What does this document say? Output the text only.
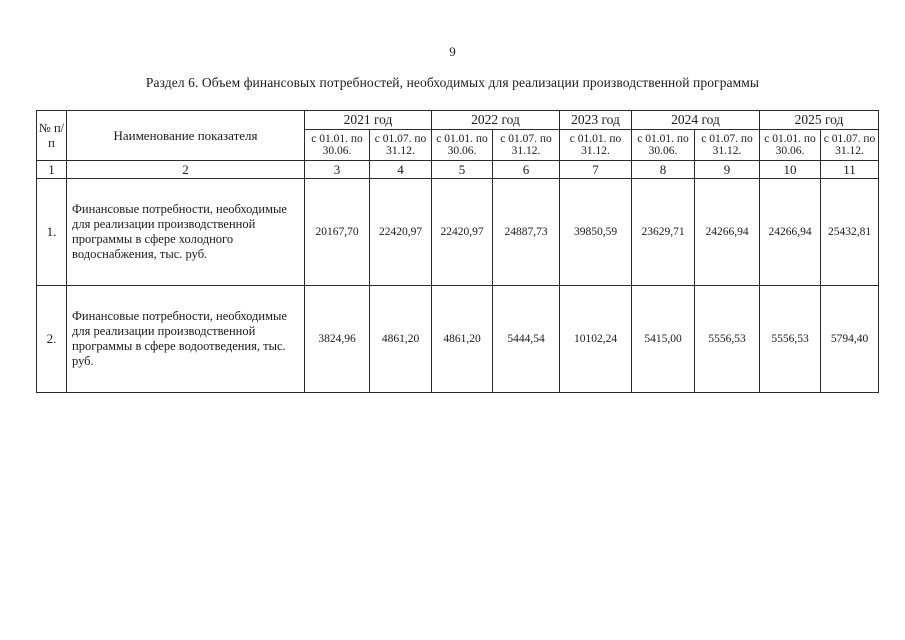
9
Раздел 6. Объем финансовых потребностей, необходимых для реализации производственной программы
№ п/п	Наименование показателя	2021 год		2022 год		2023 год	2024 год		2025 год	
		с 01.01. по 30.06.	с 01.07. по 31.12.	с 01.01. по 30.06.	с 01.07. по 31.12.	с 01.01. по 31.12.	с 01.01. по 30.06.	с 01.07. по 31.12.	с 01.01. по 30.06.	с 01.07. по 31.12.
1	2	3	4	5	6	7	8	9	10	11
1.	Финансовые потребности, необходимые для реализации производственной программы в сфере холодного водоснабжения, тыс. руб.	20167,70	22420,97	22420,97	24887,73	39850,59	23629,71	24266,94	24266,94	25432,81
2.	Финансовые потребности, необходимые для реализации производственной программы в сфере водоотведения, тыс. руб.	3824,96	4861,20	4861,20	5444,54	10102,24	5415,00	5556,53	5556,53	5794,40
